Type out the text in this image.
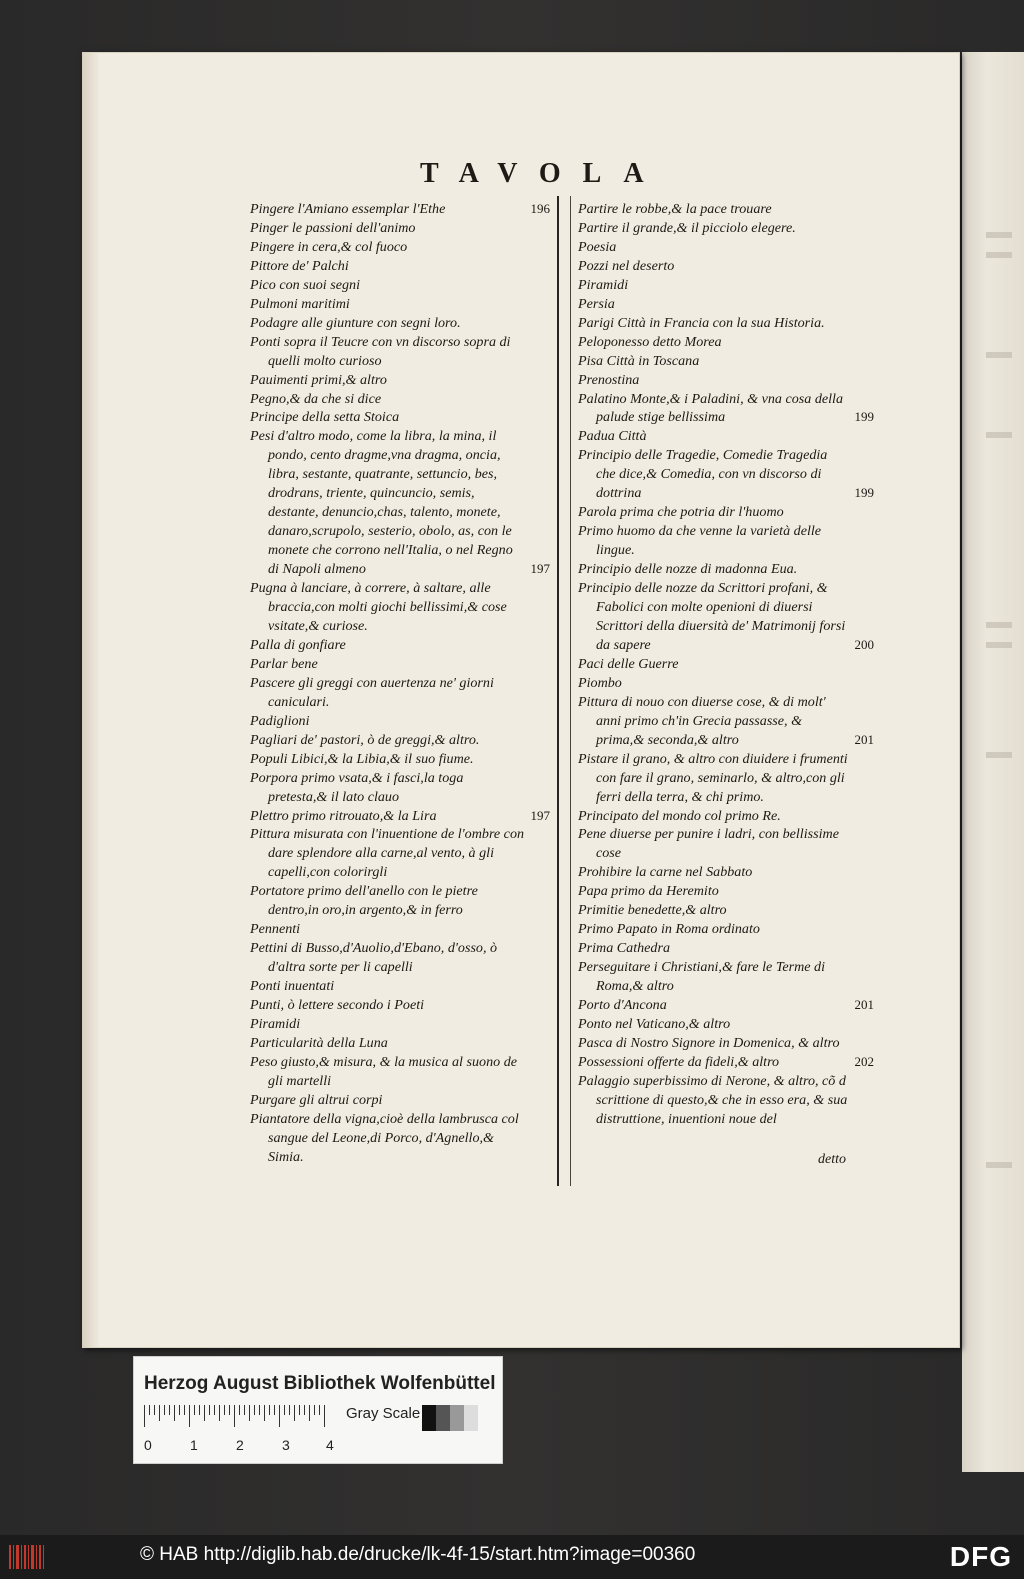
TAVOLA
Pingere l'Amiano essemplar l'Ethe	196
Pinger le passioni dell'animo
Pingere in cera,& col fuoco
Pittore de' Palchi
Pico con suoi segni
Pulmoni maritimi
Podagre alle giunture con segni loro.
Ponti sopra il Teucre con vn discorso sopra di quelli molto curioso
Pauimenti primi,& altro
Pegno,& da che si dice
Principe della setta Stoica
Pesi d'altro modo, come la libra, la mina, il pondo, cento dragme,vna dragma, oncia, libra, sestante, quatrante, settuncio, bes, drodrans, triente, quincuncio, semis, destante, denuncio,chas, talento, monete, danaro,scrupolo, sesterio, obolo, as, con le monete che corrono nell'Italia, o nel Regno di Napoli almeno	197
Pugna à lanciare, à correre, à saltare, alle braccia,con molti giochi bellissimi,& cose vsitate,& curiose.
Palla di gonfiare
Parlar bene
Pascere gli greggi con auertenza ne' giorni caniculari.
Padiglioni
Pagliari de' pastori, ò de greggi,& altro.
Populi Libici,& la Libia,& il suo fiume.
Porpora primo vsata,& i fasci,la toga pretesta,& il lato clauo
Plettro primo ritrouato,& la Lira	197
Pittura misurata con l'inuentione de l'ombre con dare splendore alla carne,al vento, à gli capelli,con colorirgli
Portatore primo dell'anello con le pietre dentro,in oro,in argento,& in ferro
Pennenti
Pettini di Busso,d'Auolio,d'Ebano, d'osso, ò d'altra sorte per li capelli
Ponti inuentati
Punti, ò lettere secondo i Poeti
Piramidi
Particularità della Luna
Peso giusto,& misura, & la musica al suono de gli martelli
Purgare gli altrui corpi
Piantatore della vigna,cioè della lambrusca col sangue del Leone,di Porco, d'Agnello,& Simia.
Partire le robbe,& la pace trouare
Partire il grande,& il picciolo elegere.
Poesia
Pozzi nel deserto
Piramidi
Persia
Parigi Città in Francia con la sua Historia.
Peloponesso detto Morea
Pisa Città in Toscana
Prenostina
Palatino Monte,& i Paladini, & vna cosa della palude stige bellissima	199
Padua Città
Principio delle Tragedie, Comedie Tragedia che dice,& Comedia, con vn discorso di dottrina	199
Parola prima che potria dir l'huomo
Primo huomo da che venne la varietà delle lingue.
Principio delle nozze di madonna Eua.
Principio delle nozze da Scrittori profani, & Fabolici con molte openioni di diuersi Scrittori della diuersità de' Matrimonij forsi da sapere	200
Paci delle Guerre
Piombo
Pittura di nouo con diuerse cose, & di molt' anni primo ch'in Grecia passasse, & prima,& seconda,& altro	201
Pistare il grano, & altro con diuidere i frumenti con fare il grano, seminarlo, & altro,con gli ferri della terra, & chi primo.
Principato del mondo col primo Re.
Pene diuerse per punire i ladri, con bellissime cose
Prohibire la carne nel Sabbato
Papa primo da Heremito
Primitie benedette,& altro
Primo Papato in Roma ordinato
Prima Cathedra
Perseguitare i Christiani,& fare le Terme di Roma,& altro
Porto d'Ancona	201
Ponto nel Vaticano,& altro
Pasca di Nostro Signore in Domenica, & altro
Possessioni offerte da fideli,& altro	202
Palaggio superbissimo di Nerone, & altro, cõ d scrittione di questo,& che in esso era, & sua distruttione, inuentioni noue del
detto
Herzog August Bibliothek Wolfenbüttel
0	1	2	3	4
Gray Scale
© HAB http://diglib.hab.de/drucke/lk-4f-15/start.htm?image=00360	DFG
